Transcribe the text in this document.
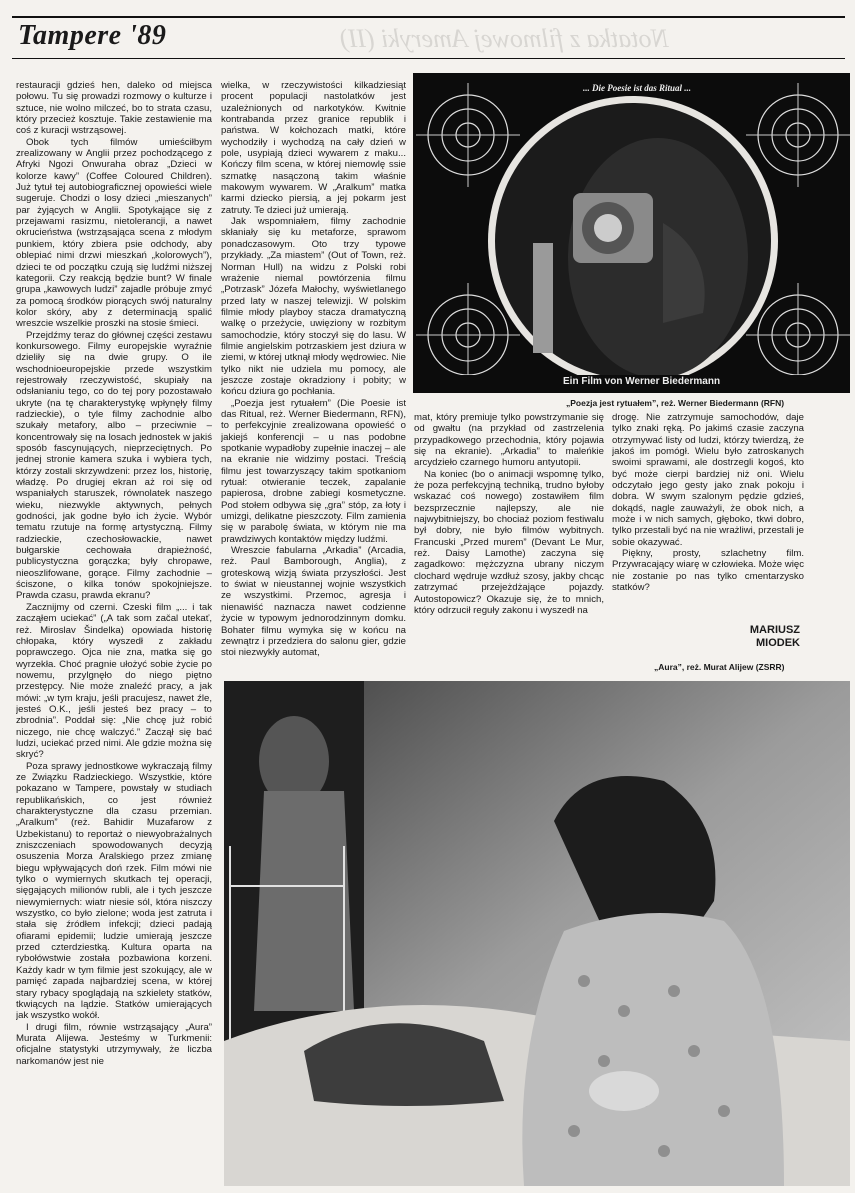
Tampere '89	Notatka z filmowej Ameryki (II)

restauracji gdzieś hen, daleko od miejsca połowu. Tu się prowadzi rozmowy o kulturze i sztuce, nie wolno milczeć, bo to strata czasu, który przecież kosztuje. Takie zestawienie ma coś z kuracji wstrząsowej.

Obok tych filmów umieściłbym zrealizowany w Anglii przez pochodzącego z Afryki Ngozi Onwuraha obraz „Dzieci w kolorze kawy” (Coffee Coloured Children). Już tytuł tej autobiograficznej opowieści wiele sugeruje. Chodzi o losy dzieci „mieszanych” par żyjących w Anglii. Spotykające się z przejawami rasizmu, nietolerancji, a nawet okrucieństwa (wstrząsająca scena z młodym punkiem, który zbiera psie odchody, aby oblepiać nimi drzwi mieszkań „kolorowych”), dzieci te od początku czują się ludźmi niższej kategorii. Czy reakcją będzie bunt? W finale grupa „kawowych ludzi” zajadle próbuje zmyć za pomocą środków piorących swój naturalny kolor skóry, aby z determinacją spalić wreszcie wszelkie proszki na stosie śmieci.

Przejdźmy teraz do głównej części zestawu konkursowego. Filmy europejskie wyraźnie dzieliły się na dwie grupy. O ile wschodnioeuropejskie przede wszystkim rejestrowały rzeczywistość, skupiały na odsłanianiu tego, co do tej pory pozostawało ukryte (na tę charakterystykę wpłynęły filmy radzieckie), o tyle filmy zachodnie albo szukały metafory, albo – przeciwnie – koncentrowały się na losach jednostek w jakiś sposób fascynujących, nieprzeciętnych. Po jednej stronie kamera szuka i wybiera tych, którzy zostali skrzywdzeni: przez los, historię, władzę. Po drugiej ekran aż roi się od wspaniałych staruszek, równolatek naszego wieku, niezwykle aktywnych, pełnych godności, jak godne było ich życie. Wybór tematu rzutuje na formę artystyczną. Filmy radzieckie, czechosłowackie, nawet bułgarskie cechowała drapieżność, publicystyczna gorączka; były chropawe, nieoszlifowane, gorące. Filmy zachodnie – ściszone, o kilka tonów spokojniejsze. Prawda czasu, prawda ekranu?

Zacznijmy od czerni. Czeski film „... i tak zacząłem uciekać” („A tak som začal utekať, reż. Miroslav Šindelka) opowiada historię chłopaka, który wyszedł z zakładu poprawczego. Ojca nie zna, matka się go wyrzekła. Choć pragnie ułożyć sobie życie po nowemu, przylgnęło do niego piętno przestępcy. Nie może znaleźć pracy, a jak mówi: „w tym kraju, jeśli pracujesz, nawet źle, jesteś O.K., jeśli jesteś bez pracy – to zbrodnia”. Poddał się: „Nie chcę już robić niczego, nie chcę walczyć.” Zaczął się bać ludzi, uciekać przed nimi. Ale gdzie można się skryć?

Poza sprawy jednostkowe wykraczają filmy ze Związku Radzieckiego. Wszystkie, które pokazano w Tampere, powstały w studiach republikańskich, co jest również charakterystyczne dla czasu przemian. „Aralkum” (reż. Bahidir Muzafarow z Uzbekistanu) to reportaż o niewyobrażalnych zniszczeniach spowodowanych decyzją osuszenia Morza Aralskiego przez zmianę biegu wpływających doń rzek. Film mówi nie tylko o wymiernych skutkach tej operacji, sięgających milionów rubli, ale i tych jeszcze niewymiernych: wiatr niesie sól, która niszczy wszystko, co było zielone; woda jest zatruta i stała się źródłem infekcji; dzieci padają ofiarami epidemii; ludzie umierają jeszcze przed czterdziestką. Kultura oparta na rybołówstwie została pozbawiona korzeni. Każdy kadr w tym filmie jest szokujący, ale w pamięć zapada najbardziej scena, w której stary rybacy spoglądają na szkielety statków, tkwiących na lądzie. Statków umierających jak wszystko wokół.

I drugi film, równie wstrząsający „Aura” Murata Alijewa. Jesteśmy w Turkmenii: oficjalne statystyki utrzymywały, że liczba narkomanów jest nie

wielka, w rzeczywistości kilkadziesiąt procent populacji nastolatków jest uzależnionych od narkotyków. Kwitnie kontrabanda przez granice republik i państwa. W kołchozach matki, które wychodziły i wychodzą na cały dzień w pole, usypiają dzieci wywarem z maku... Kończy film scena, w której niemowlę ssie szmatkę nasączoną takim właśnie makowym wywarem. W „Aralkum” matka karmi dziecko piersią, a jej pokarm jest zatruty. Te dzieci już umierają.

Jak wspomniałem, filmy zachodnie skłaniały się ku metaforze, sprawom ponadczasowym. Oto trzy typowe przykłady. „Za miastem” (Out of Town, reż. Norman Hull) na widzu z Polski robi wrażenie niemal powtórzenia filmu „Potrzask” Józefa Małochy, wyświetlanego przed laty w naszej telewizji. W polskim filmie młody playboy stacza dramatyczną walkę o przeżycie, uwięziony w rozbitym samochodzie, który stoczył się do lasu. W filmie angielskim potrzaskiem jest dziura w ziemi, w której utknął młody wędrowiec. Nie tylko nikt nie udziela mu pomocy, ale jeszcze zostaje okradziony i pobity; w końcu dziura go pochłania.

„Poezja jest rytuałem” (Die Poesie ist das Ritual, reż. Werner Biedermann, RFN), to perfekcyjnie zrealizowana opowieść o jakiejś konferencji – u nas podobne spotkanie wypadłoby zupełnie inaczej – ale na ekranie nie widzimy postaci. Treścią filmu jest towarzyszący takim spotkaniom rytuał: otwieranie teczek, zapalanie papierosa, drobne zabiegi kosmetyczne. Pod stołem odbywa się „gra” stóp, za łoty i umizgi, delikatne pieszczoty. Film zamienia się w parabolę świata, w którym nie ma prawdziwych kontaktów między ludźmi.

Wreszcie fabularna „Arkadia” (Arcadia, reż. Paul Bamborough, Anglia), z groteskową wizją świata przyszłości. Jest to świat w nieustannej wojnie wszystkich ze wszystkimi. Przemoc, agresja i nienawiść naznacza nawet codzienne życie w typowym jednorodzinnym domku. Bohater filmu wymyka się w końcu na zewnątrz i przedziera do salonu gier, gdzie stoi niezwykły automat,

... Die Poesie ist das Ritual ...
Ein Film von Werner Biedermann
„Poezja jest rytuałem”, reż. Werner Biedermann (RFN)

mat, który premiuje tylko powstrzymanie się od gwałtu (na przykład od zastrzelenia przypadkowego przechodnia, który pojawia się na ekranie). „Arkadia” to maleńkie arcydzieło czarnego humoru antyutopii.

Na koniec (bo o animacji wspomnę tylko, że poza perfekcyjną techniką, trudno byłoby wskazać coś nowego) zostawiłem film bezsprzecznie najlepszy, ale nie najwybitniejszy, bo chociaż poziom festiwalu był dobry, nie było filmów wybitnych. Francuski „Przed murem” (Devant Le Mur, reż. Daisy Lamothe) zaczyna się zagadkowo: mężczyzna ubrany niczym clochard wędruje wzdłuż szosy, jakby chcąc zatrzymać przejeżdżające pojazdy. Autostopowicz? Okazuje się, że to mnich, który odrzucił reguły zakonu i wyszedł na

drogę. Nie zatrzymuje samochodów, daje tylko znaki ręką. Po jakimś czasie zaczyna otrzymywać listy od ludzi, którzy twierdzą, że jakoś im pomógł. Wielu było zatroskanych swoimi sprawami, ale dostrzegli kogoś, kto być może cierpi bardziej niż oni. Wielu odczytało jego gesty jako znak pokoju i dobra. W swym szalonym pędzie gdzieś, dokądś, nagle zauważyli, że obok nich, a może i w nich samych, głęboko, tkwi dobro, tylko przestali być na nie wrażliwi, przestali je sobie okazywać.

Piękny, prosty, szlachetny film. Przywracający wiarę w człowieka. Może więc nie zostanie po nas tylko cmentarzysko statków?

MARIUSZ
MIODEK
„Aura”, reż. Murat Alijew (ZSRR)
